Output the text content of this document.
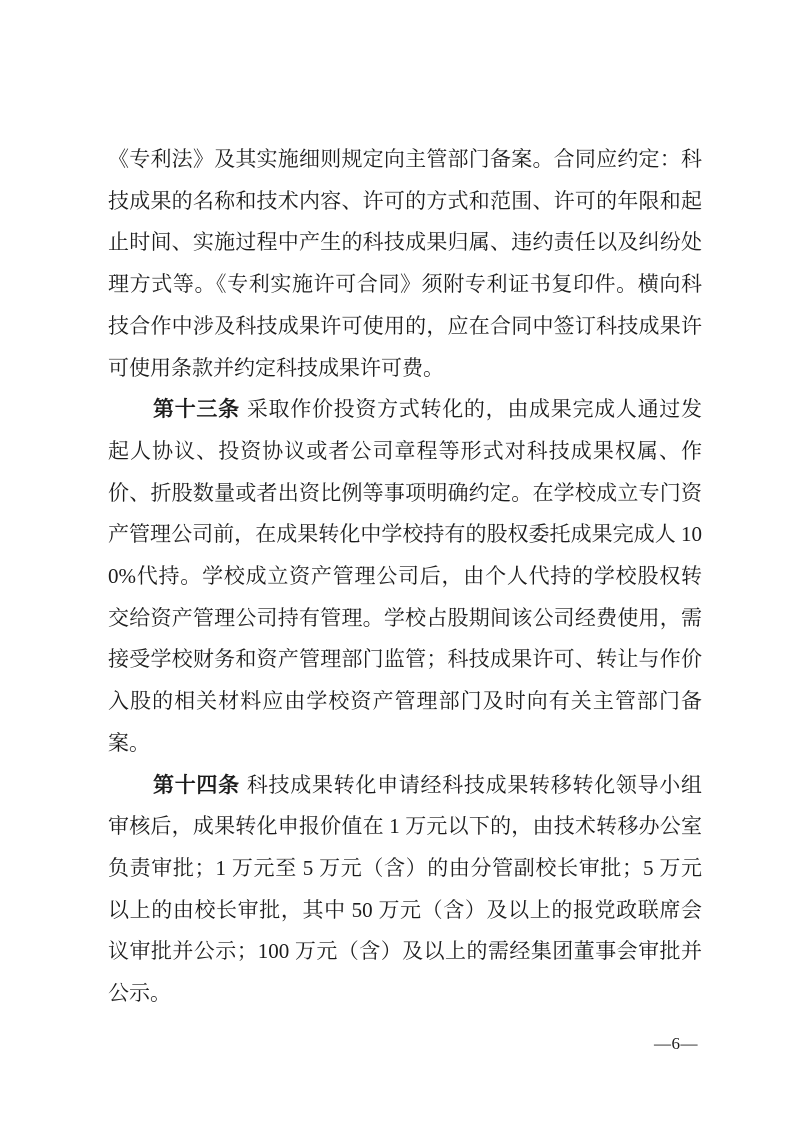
《专利法》及其实施细则规定向主管部门备案。合同应约定：科技成果的名称和技术内容、许可的方式和范围、许可的年限和起止时间、实施过程中产生的科技成果归属、违约责任以及纠纷处理方式等。《专利实施许可合同》须附专利证书复印件。横向科技合作中涉及科技成果许可使用的，应在合同中签订科技成果许可使用条款并约定科技成果许可费。

第十三条 采取作价投资方式转化的，由成果完成人通过发起人协议、投资协议或者公司章程等形式对科技成果权属、作价、折股数量或者出资比例等事项明确约定。在学校成立专门资产管理公司前，在成果转化中学校持有的股权委托成果完成人 100%代持。学校成立资产管理公司后，由个人代持的学校股权转交给资产管理公司持有管理。学校占股期间该公司经费使用，需接受学校财务和资产管理部门监管；科技成果许可、转让与作价入股的相关材料应由学校资产管理部门及时向有关主管部门备案。

第十四条 科技成果转化申请经科技成果转移转化领导小组审核后，成果转化申报价值在 1 万元以下的，由技术转移办公室负责审批；1 万元至 5 万元（含）的由分管副校长审批；5 万元以上的由校长审批，其中 50 万元（含）及以上的报党政联席会议审批并公示；100 万元（含）及以上的需经集团董事会审批并公示。

—6—
